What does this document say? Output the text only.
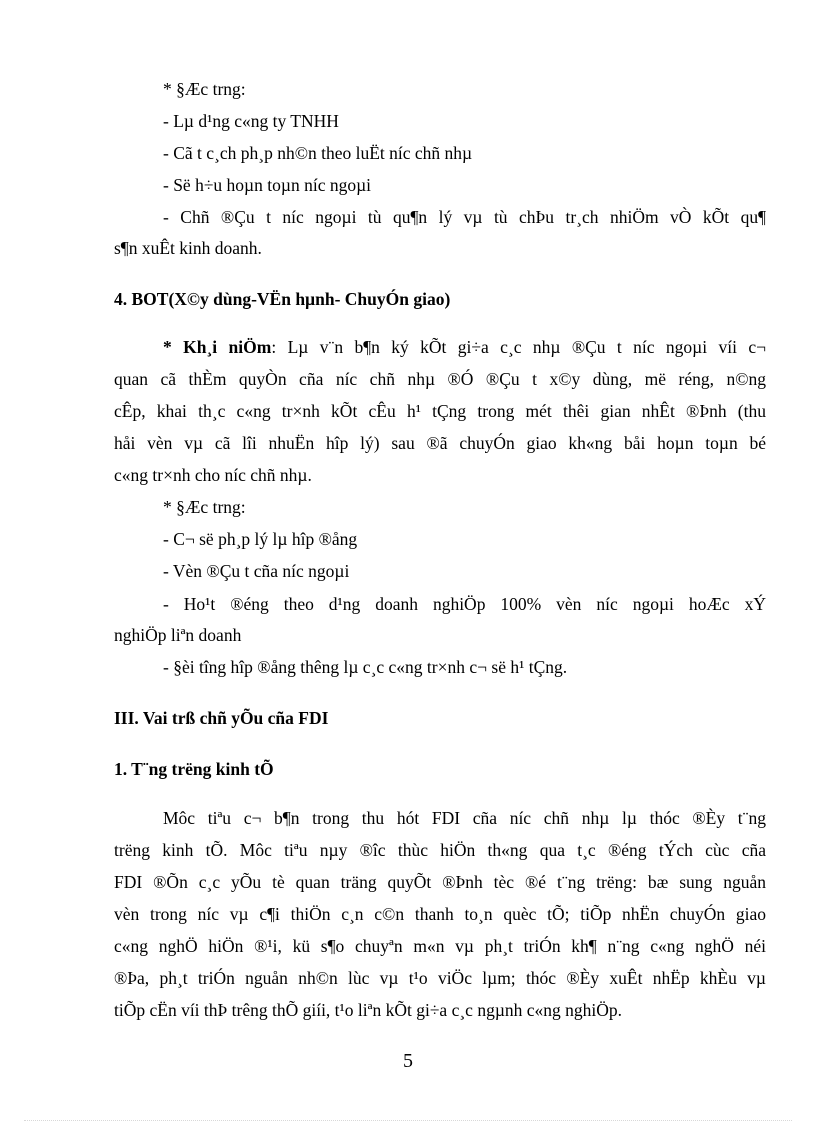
* §Æc trng:
- Lµ d¹ng c«ng ty TNHH
- Cã t c¸ch ph¸p nh©n theo luËt níc chñ nhµ
- Së h÷u hoµn toµn níc ngoµi
- Chñ ®Çu t níc ngoµi tù qu¶n lý vµ tù chÞu tr¸ch nhiÖm vÒ kÕt qu¶
s¶n xuÊt kinh doanh.
4. BOT(X©y dùng-VËn hµnh- ChuyÓn giao)
* Kh¸i niÖm: Lµ v¨n b¶n ký kÕt gi÷a c¸c nhµ ®Çu t níc ngoµi víi c¬
quan cã thÈm quyÒn cña níc chñ nhµ ®Ó ®Çu t x©y dùng, më réng, n©ng
cÊp, khai th¸c c«ng tr×nh kÕt cÊu h¹ tÇng trong mét thêi gian nhÊt ®Þnh (thu
håi vèn vµ cã lîi nhuËn hîp lý) sau ®ã chuyÓn giao kh«ng båi hoµn toµn bé
c«ng tr×nh cho níc chñ nhµ.
* §Æc trng:
- C¬ së ph¸p lý lµ hîp ®ång
- Vèn ®Çu t cña níc ngoµi
- Ho¹t ®éng theo d¹ng doanh nghiÖp 100% vèn níc ngoµi hoÆc xÝ
nghiÖp liªn doanh
- §èi tîng hîp ®ång thêng lµ c¸c c«ng tr×nh c¬ së h¹ tÇng.
III. Vai trß chñ yÕu cña FDI
1. T¨ng trëng kinh tÕ
Môc tiªu c¬ b¶n trong thu hót FDI cña níc chñ nhµ lµ thóc ®Èy t¨ng
trëng kinh tÕ. Môc tiªu nµy ®îc thùc hiÖn th«ng qua t¸c ®éng tÝch cùc cña
FDI ®Õn c¸c yÕu tè quan träng quyÕt ®Þnh tèc ®é t¨ng trëng: bæ sung nguån
vèn trong níc vµ c¶i thiÖn c¸n c©n thanh to¸n quèc tÕ; tiÕp nhËn chuyÓn giao
c«ng nghÖ hiÖn ®¹i, kü s¶o chuyªn m«n vµ ph¸t triÓn kh¶ n¨ng c«ng nghÖ néi
®Þa, ph¸t triÓn nguån nh©n lùc vµ t¹o viÖc lµm; thóc ®Èy xuÊt nhËp khÈu vµ
tiÕp cËn víi thÞ trêng thÕ giíi, t¹o liªn kÕt gi÷a c¸c ngµnh c«ng nghiÖp.
5
